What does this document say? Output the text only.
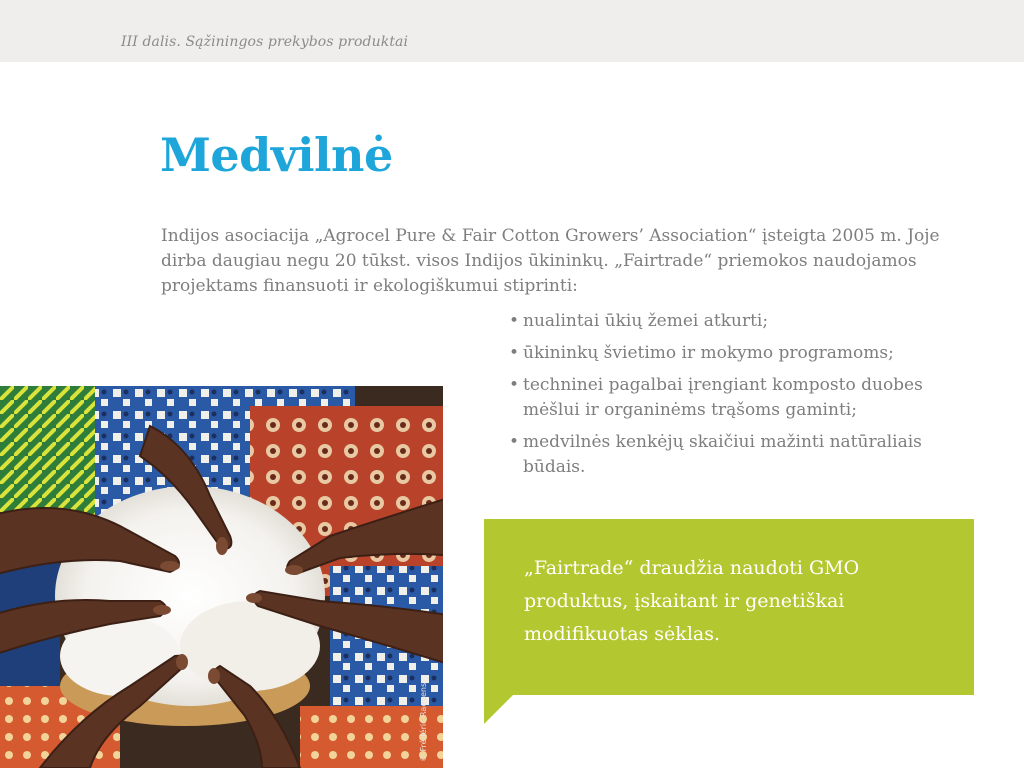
III dalis. Sąžiningos prekybos produktai
Medvilnė

Indijos asociacija „Agrocel Pure & Fair Cotton Growers’ Association“ įsteigta 2005 m. Joje dirba daugiau negu 20 tūkst. visos Indijos ūkininkų. „Fairtrade“ priemokos naudojamos projektams finansuoti ir ekologiškumui stiprinti:

• nualintai ūkių žemei atkurti;
• ūkininkų švietimo ir mokymo programoms;
• techninei pagalbai įrengiant komposto duobes mėšlui ir organinėms trąšoms gaminti;
• medvilnės kenkėjų skaičiui mažinti natūraliais būdais.
© Frédéric Raevens

„Fairtrade“ draudžia naudoti GMO produktus, įskaitant ir genetiškai modifikuotas sėklas.
